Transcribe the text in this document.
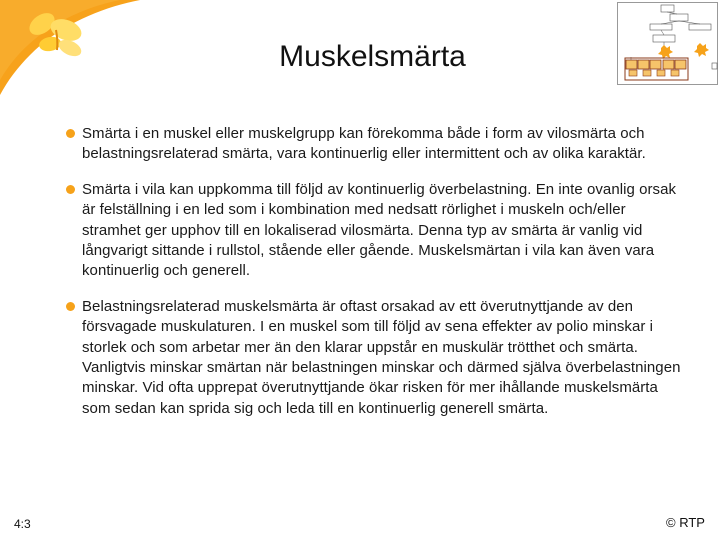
Muskelsmärta
Smärta i en muskel eller muskelgrupp kan förekomma både i form av vilosmärta och belastningsrelaterad smärta, vara kontinuerlig eller intermittent och av olika karaktär.
Smärta i vila kan uppkomma till följd av kontinuerlig överbelastning. En inte ovanlig orsak är felställning i en led som i kombination med nedsatt rörlighet i muskeln och/eller stramhet ger upphov till en lokaliserad vilosmärta. Denna typ av smärta är vanlig vid långvarigt sittande i rullstol, stående eller gående. Muskelsmärtan i vila kan även vara kontinuerlig och generell.
Belastningsrelaterad muskelsmärta är oftast orsakad av ett överutnyttjande av den försvagade muskulaturen. I en muskel som till följd av sena effekter av polio minskar i storlek och som arbetar mer än den klarar uppstår en muskulär trötthet och smärta. Vanligtvis minskar smärtan när belastningen minskar och därmed själva överbelastningen minskar. Vid ofta upprepat överutnyttjande ökar risken för mer ihållande muskelsmärta som sedan kan sprida sig och leda till en kontinuerlig generell smärta.
4:3	© RTP
